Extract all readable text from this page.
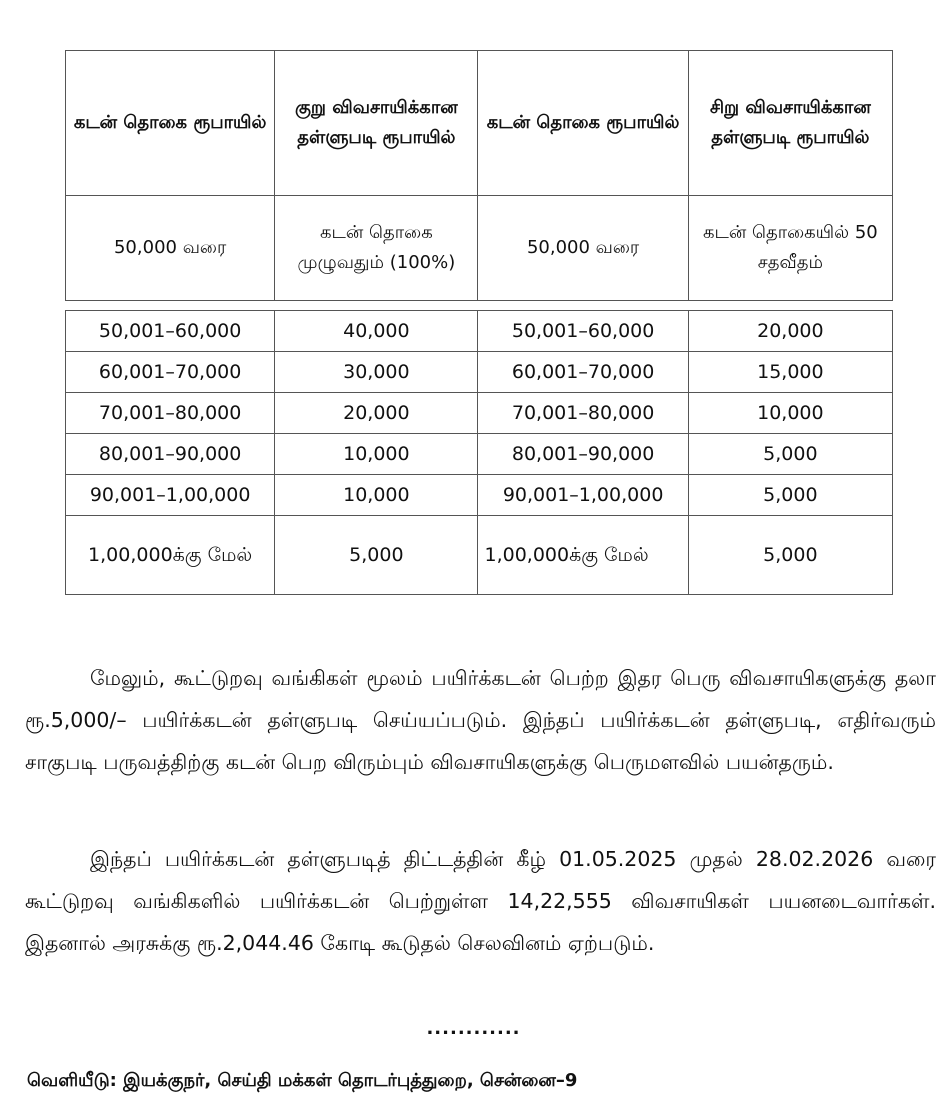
கடன் தொகை ரூபாயில்	குறு விவசாயிக்கான தள்ளுபடி ரூபாயில்	கடன் தொகை ரூபாயில்	சிறு விவசாயிக்கான தள்ளுபடி ரூபாயில்
50,000 வரை	கடன் தொகை முழுவதும் (100%)	50,000 வரை	கடன் தொகையில் 50 சதவீதம்
50,001–60,000	40,000	50,001–60,000	20,000
60,001–70,000	30,000	60,001–70,000	15,000
70,001–80,000	20,000	70,001–80,000	10,000
80,001–90,000	10,000	80,001–90,000	5,000
90,001–1,00,000	10,000	90,001–1,00,000	5,000
1,00,000க்கு மேல்	5,000	1,00,000க்கு மேல்	5,000
மேலும், கூட்டுறவு வங்கிகள் மூலம் பயிர்க்கடன் பெற்ற இதர பெரு விவசாயிகளுக்கு தலா ரூ.5,000/– பயிர்க்கடன் தள்ளுபடி செய்யப்படும். இந்தப் பயிர்க்கடன் தள்ளுபடி, எதிர்வரும் சாகுபடி பருவத்திற்கு கடன் பெற விரும்பும் விவசாயிகளுக்கு பெருமளவில் பயன்தரும்.
இந்தப் பயிர்க்கடன் தள்ளுபடித் திட்டத்தின் கீழ் 01.05.2025 முதல் 28.02.2026 வரை கூட்டுறவு வங்கிகளில் பயிர்க்கடன் பெற்றுள்ள 14,22,555 விவசாயிகள் பயனடைவார்கள். இதனால் அரசுக்கு ரூ.2,044.46 கோடி கூடுதல் செலவினம் ஏற்படும்.
............
வெளியீடு: இயக்குநர், செய்தி மக்கள் தொடர்புத்துறை, சென்னை–9
